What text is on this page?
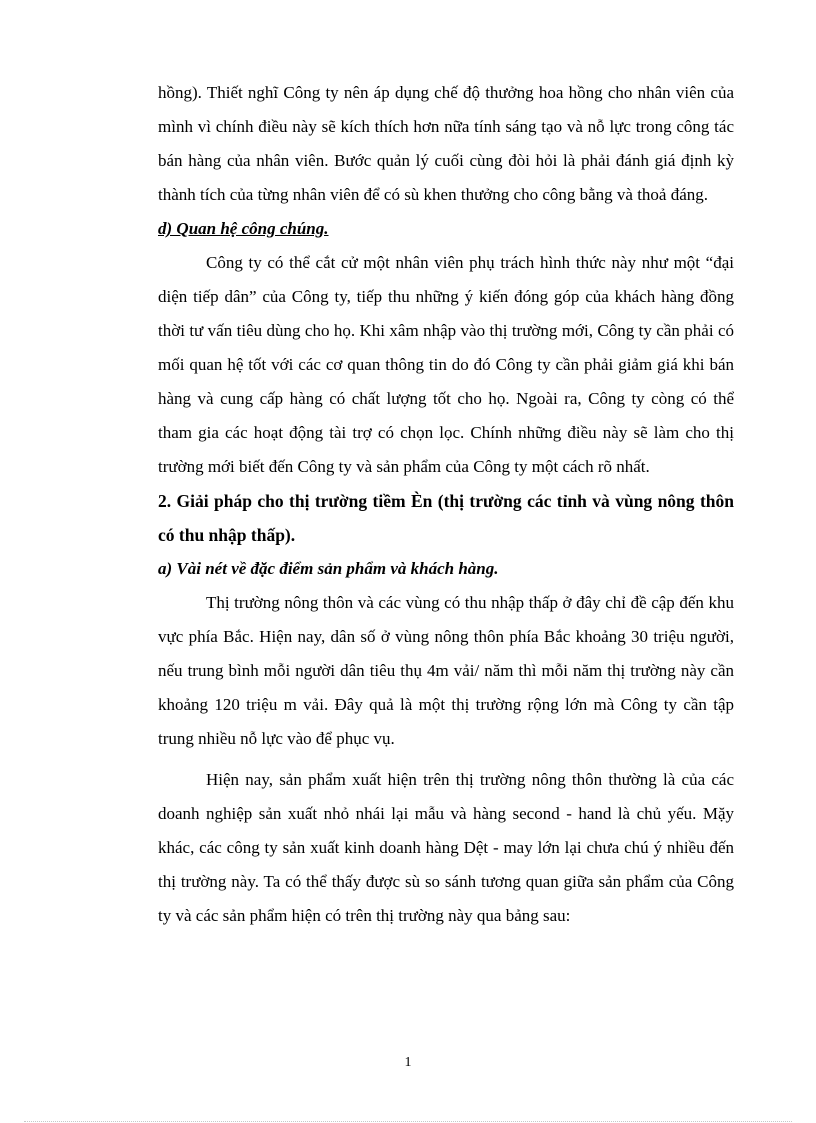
hồng). Thiết nghĩ Công ty nên áp dụng chế độ thưởng hoa hồng cho nhân viên của mình vì chính điều này sẽ kích thích hơn nữa tính sáng tạo và nỗ lực trong công tác bán hàng của nhân viên. Bước quản lý cuối cùng đòi hỏi là phải đánh giá định kỳ thành tích của từng nhân viên để có sù khen thưởng cho công bằng và thoả đáng.

d) Quan hệ công chúng.

Công ty có thể cắt cử một nhân viên phụ trách hình thức này như một “đại diện tiếp dân” của Công ty, tiếp thu những ý kiến đóng góp của khách hàng đồng thời tư vấn tiêu dùng cho họ. Khi xâm nhập vào thị trường mới, Công ty cần phải có mối quan hệ tốt với các cơ quan thông tin do đó Công ty cần phải giảm giá khi bán hàng và cung cấp hàng có chất lượng tốt cho họ. Ngoài ra, Công ty còng có thể tham gia các hoạt động tài trợ có chọn lọc. Chính những điều này sẽ làm cho thị trường mới biết đến Công ty và sản phẩm của Công ty một cách rõ nhất.

2. Giải pháp cho thị trường tiềm Èn (thị trường các tỉnh và vùng nông thôn có thu nhập thấp).

a) Vài nét về đặc điểm sản phẩm và khách hàng.

Thị trường nông thôn và các vùng có thu nhập thấp ở đây chỉ đề cập đến khu vực phía Bắc. Hiện nay, dân số ở vùng nông thôn phía Bắc khoảng 30 triệu người, nếu trung bình mỗi người dân tiêu thụ 4m vải/ năm thì mỗi năm thị trường này cần khoảng 120 triệu m vải. Đây quả là một thị trường rộng lớn mà Công ty cần tập trung nhiều nỗ lực vào để phục vụ.

Hiện nay, sản phẩm xuất hiện trên thị trường nông thôn thường là của các doanh nghiệp sản xuất nhỏ nhái lại mẫu và hàng second - hand là chủ yếu. Mặy khác, các công ty sản xuất kinh doanh hàng Dệt - may lớn lại chưa chú ý nhiều đến thị trường này. Ta có thể thấy được sù so sánh tương quan giữa sản phẩm của Công ty và các sản phẩm hiện có trên thị trường này qua bảng sau:

1
